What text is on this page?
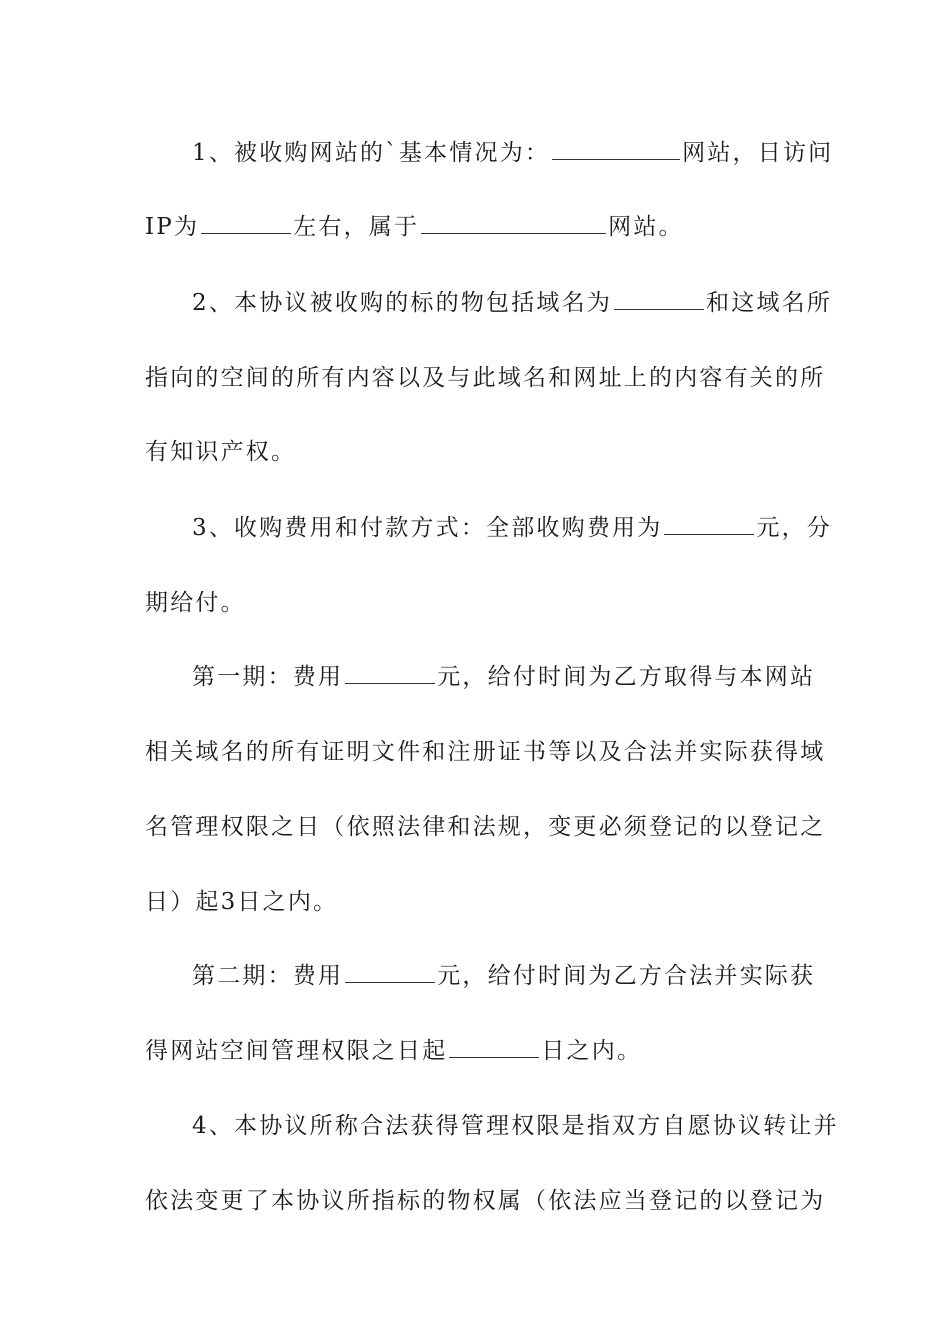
1、被收购网站的`基本情况为：	网站，日访问
IP为	左右，属于	网站。
2、本协议被收购的标的物包括域名为	和这域名所
指向的空间的所有内容以及与此域名和网址上的内容有关的所
有知识产权。
3、收购费用和付款方式：全部收购费用为	元，分
期给付。
第一期：费用	元，给付时间为乙方取得与本网站
相关域名的所有证明文件和注册证书等以及合法并实际获得域
名管理权限之日（依照法律和法规，变更必须登记的以登记之
日）起3日之内。
第二期：费用	元，给付时间为乙方合法并实际获
得网站空间管理权限之日起	日之内。
4、本协议所称合法获得管理权限是指双方自愿协议转让并
依法变更了本协议所指标的物权属（依法应当登记的以登记为
